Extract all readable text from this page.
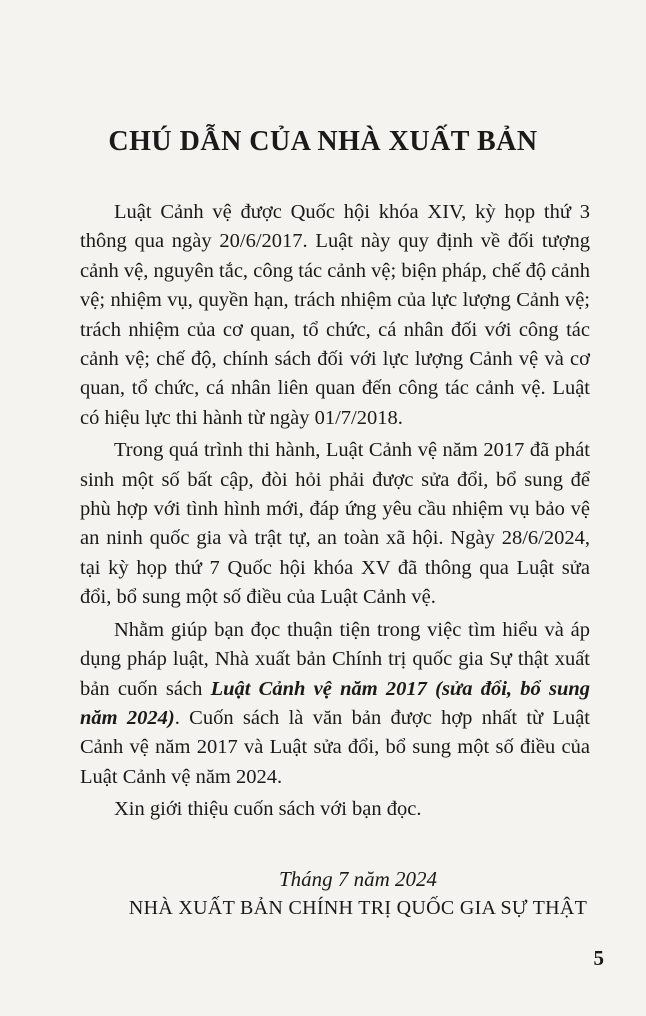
CHÚ DẪN CỦA NHÀ XUẤT BẢN

Luật Cảnh vệ được Quốc hội khóa XIV, kỳ họp thứ 3 thông qua ngày 20/6/2017. Luật này quy định về đối tượng cảnh vệ, nguyên tắc, công tác cảnh vệ; biện pháp, chế độ cảnh vệ; nhiệm vụ, quyền hạn, trách nhiệm của lực lượng Cảnh vệ; trách nhiệm của cơ quan, tổ chức, cá nhân đối với công tác cảnh vệ; chế độ, chính sách đối với lực lượng Cảnh vệ và cơ quan, tổ chức, cá nhân liên quan đến công tác cảnh vệ. Luật có hiệu lực thi hành từ ngày 01/7/2018.

Trong quá trình thi hành, Luật Cảnh vệ năm 2017 đã phát sinh một số bất cập, đòi hỏi phải được sửa đổi, bổ sung để phù hợp với tình hình mới, đáp ứng yêu cầu nhiệm vụ bảo vệ an ninh quốc gia và trật tự, an toàn xã hội. Ngày 28/6/2024, tại kỳ họp thứ 7 Quốc hội khóa XV đã thông qua Luật sửa đổi, bổ sung một số điều của Luật Cảnh vệ.

Nhằm giúp bạn đọc thuận tiện trong việc tìm hiểu và áp dụng pháp luật, Nhà xuất bản Chính trị quốc gia Sự thật xuất bản cuốn sách Luật Cảnh vệ năm 2017 (sửa đổi, bổ sung năm 2024). Cuốn sách là văn bản được hợp nhất từ Luật Cảnh vệ năm 2017 và Luật sửa đổi, bổ sung một số điều của Luật Cảnh vệ năm 2024.

Xin giới thiệu cuốn sách với bạn đọc.

Tháng 7 năm 2024
NHÀ XUẤT BẢN CHÍNH TRỊ QUỐC GIA SỰ THẬT
5
